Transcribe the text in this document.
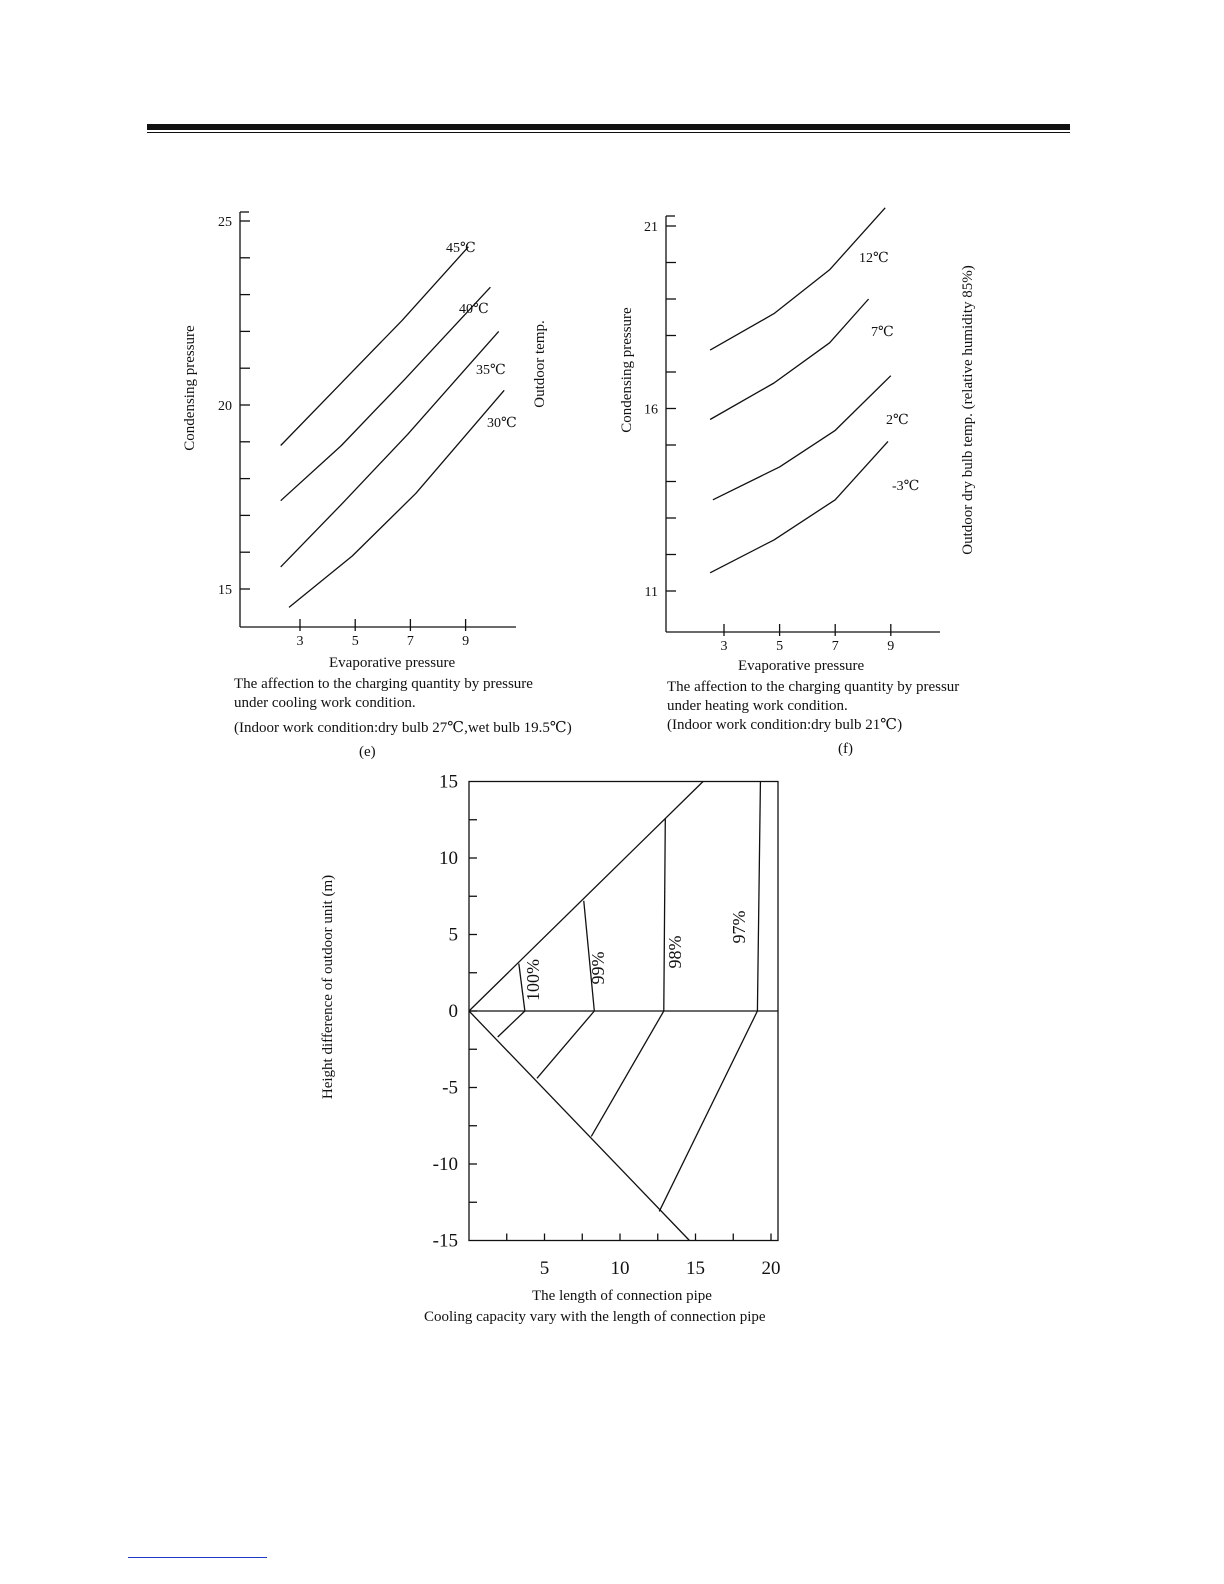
15
20
25
3	5	7	9
45℃
40℃
35℃
30℃
Condensing pressure	Outdoor temp.
11
16
21
3	5	7	9
12℃
7℃
2℃
-3℃
Condensing pressure	Outdoor dry bulb temp. (relative humidity 85%)
15
10
5
0
-5
-10
-15
5	10	15	20
100%	99%	98%
97%
Height difference of outdoor unit (m)
Evaporative pressure
The affection to the charging quantity by pressure
under cooling work condition.
(Indoor work condition:dry bulb 27℃,wet bulb 19.5℃)
(e)
Evaporative pressure
The affection to the charging quantity by pressur
under heating work condition.
(Indoor work condition:dry bulb 21℃)
(f)
The length of connection pipe
Cooling capacity vary with the length of connection pipe
